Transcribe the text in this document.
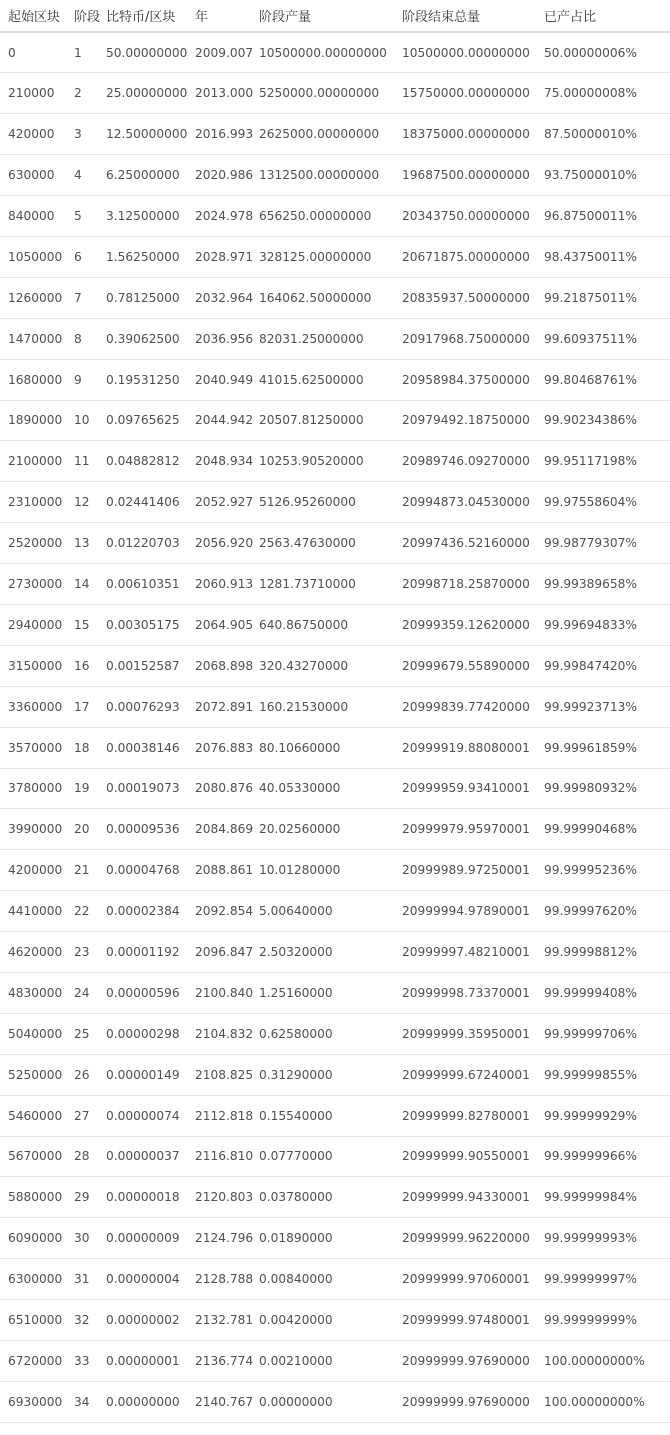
起始区块	阶段	比特币/区块	年	阶段产量	阶段结束总量	已产占比
0	1	50.00000000	2009.007	10500000.00000000	10500000.00000000	50.00000006%
210000	2	25.00000000	2013.000	5250000.00000000	15750000.00000000	75.00000008%
420000	3	12.50000000	2016.993	2625000.00000000	18375000.00000000	87.50000010%
630000	4	6.25000000	2020.986	1312500.00000000	19687500.00000000	93.75000010%
840000	5	3.12500000	2024.978	656250.00000000	20343750.00000000	96.87500011%
1050000	6	1.56250000	2028.971	328125.00000000	20671875.00000000	98.43750011%
1260000	7	0.78125000	2032.964	164062.50000000	20835937.50000000	99.21875011%
1470000	8	0.39062500	2036.956	82031.25000000	20917968.75000000	99.60937511%
1680000	9	0.19531250	2040.949	41015.62500000	20958984.37500000	99.80468761%
1890000	10	0.09765625	2044.942	20507.81250000	20979492.18750000	99.90234386%
2100000	11	0.04882812	2048.934	10253.90520000	20989746.09270000	99.95117198%
2310000	12	0.02441406	2052.927	5126.95260000	20994873.04530000	99.97558604%
2520000	13	0.01220703	2056.920	2563.47630000	20997436.52160000	99.98779307%
2730000	14	0.00610351	2060.913	1281.73710000	20998718.25870000	99.99389658%
2940000	15	0.00305175	2064.905	640.86750000	20999359.12620000	99.99694833%
3150000	16	0.00152587	2068.898	320.43270000	20999679.55890000	99.99847420%
3360000	17	0.00076293	2072.891	160.21530000	20999839.77420000	99.99923713%
3570000	18	0.00038146	2076.883	80.10660000	20999919.88080001	99.99961859%
3780000	19	0.00019073	2080.876	40.05330000	20999959.93410001	99.99980932%
3990000	20	0.00009536	2084.869	20.02560000	20999979.95970001	99.99990468%
4200000	21	0.00004768	2088.861	10.01280000	20999989.97250001	99.99995236%
4410000	22	0.00002384	2092.854	5.00640000	20999994.97890001	99.99997620%
4620000	23	0.00001192	2096.847	2.50320000	20999997.48210001	99.99998812%
4830000	24	0.00000596	2100.840	1.25160000	20999998.73370001	99.99999408%
5040000	25	0.00000298	2104.832	0.62580000	20999999.35950001	99.99999706%
5250000	26	0.00000149	2108.825	0.31290000	20999999.67240001	99.99999855%
5460000	27	0.00000074	2112.818	0.15540000	20999999.82780001	99.99999929%
5670000	28	0.00000037	2116.810	0.07770000	20999999.90550001	99.99999966%
5880000	29	0.00000018	2120.803	0.03780000	20999999.94330001	99.99999984%
6090000	30	0.00000009	2124.796	0.01890000	20999999.96220000	99.99999993%
6300000	31	0.00000004	2128.788	0.00840000	20999999.97060001	99.99999997%
6510000	32	0.00000002	2132.781	0.00420000	20999999.97480001	99.99999999%
6720000	33	0.00000001	2136.774	0.00210000	20999999.97690000	100.00000000%
6930000	34	0.00000000	2140.767	0.00000000	20999999.97690000	100.00000000%
